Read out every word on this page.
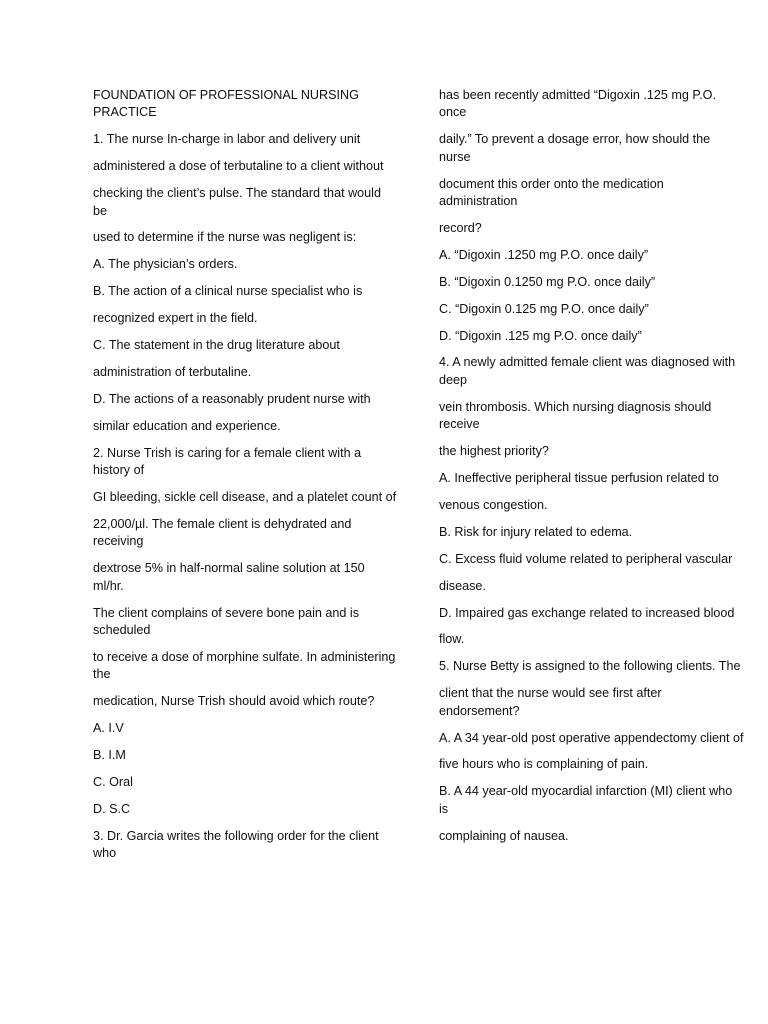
FOUNDATION OF PROFESSIONAL NURSING PRACTICE

1. The nurse In-charge in labor and delivery unit

administered a dose of terbutaline to a client without

checking the client’s pulse. The standard that would be

used to determine if the nurse was negligent is:

A. The physician’s orders.

B. The action of a clinical nurse specialist who is

recognized expert in the field.

C. The statement in the drug literature about

administration of terbutaline.

D. The actions of a reasonably prudent nurse with

similar education and experience.

2. Nurse Trish is caring for a female client with a history of

GI bleeding, sickle cell disease, and a platelet count of

22,000/µl. The female client is dehydrated and receiving

dextrose 5% in half-normal saline solution at 150 ml/hr.

The client complains of severe bone pain and is scheduled

to receive a dose of morphine sulfate. In administering the

medication, Nurse Trish should avoid which route?

A. I.V

B. I.M

C. Oral

D. S.C

3. Dr. Garcia writes the following order for the client who

has been recently admitted “Digoxin .125 mg P.O. once

daily.” To prevent a dosage error, how should the nurse

document this order onto the medication administration

record?

A. “Digoxin .1250 mg P.O. once daily”

B. “Digoxin 0.1250 mg P.O. once daily”

C. “Digoxin 0.125 mg P.O. once daily”

D. “Digoxin .125 mg P.O. once daily”

4. A newly admitted female client was diagnosed with deep

vein thrombosis. Which nursing diagnosis should receive

the highest priority?

A. Ineffective peripheral tissue perfusion related to

venous congestion.

B. Risk for injury related to edema.

C. Excess fluid volume related to peripheral vascular

disease.

D. Impaired gas exchange related to increased blood

flow.

5. Nurse Betty is assigned to the following clients. The

client that the nurse would see first after endorsement?

A. A 34 year-old post operative appendectomy client of

five hours who is complaining of pain.

B. A 44 year-old myocardial infarction (MI) client who is

complaining of nausea.
